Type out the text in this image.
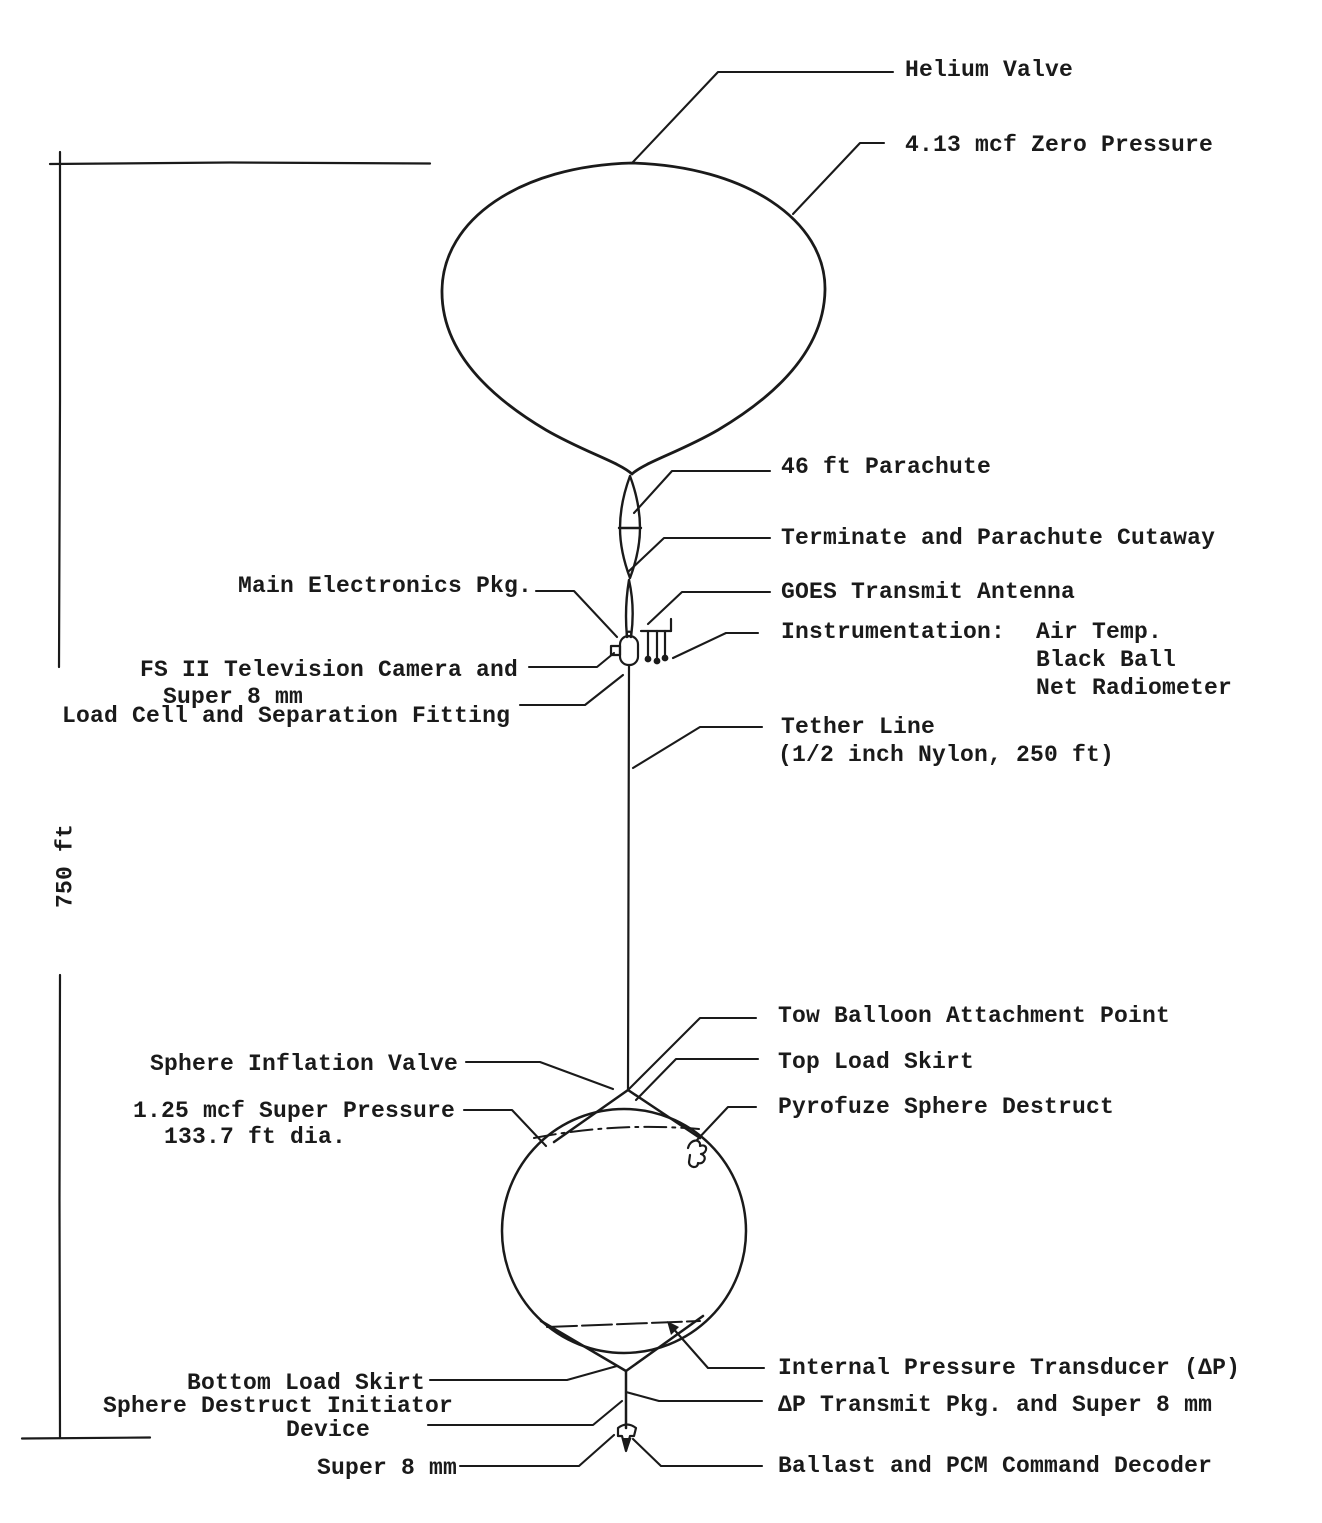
Helium Valve
4.13 mcf Zero Pressure
46 ft Parachute
Terminate and Parachute Cutaway
Main Electronics Pkg.	GOES Transmit Antenna
Instrumentation: Air Temp.
Black Ball
Net Radiometer
FS II Television Camera and
Super 8 mm
Load Cell and Separation Fitting	Tether Line
(1/2 inch Nylon, 250 ft)
750 ft
Tow Balloon Attachment Point
Sphere Inflation Valve	Top Load Skirt
1.25 mcf Super Pressure
133.7 ft dia.
Pyrofuze Sphere Destruct
Internal Pressure Transducer (ΔP)
Bottom Load Skirt
ΔP Transmit Pkg. and Super 8 mm
Sphere Destruct Initiator
Device
Super 8 mm	Ballast and PCM Command Decoder
